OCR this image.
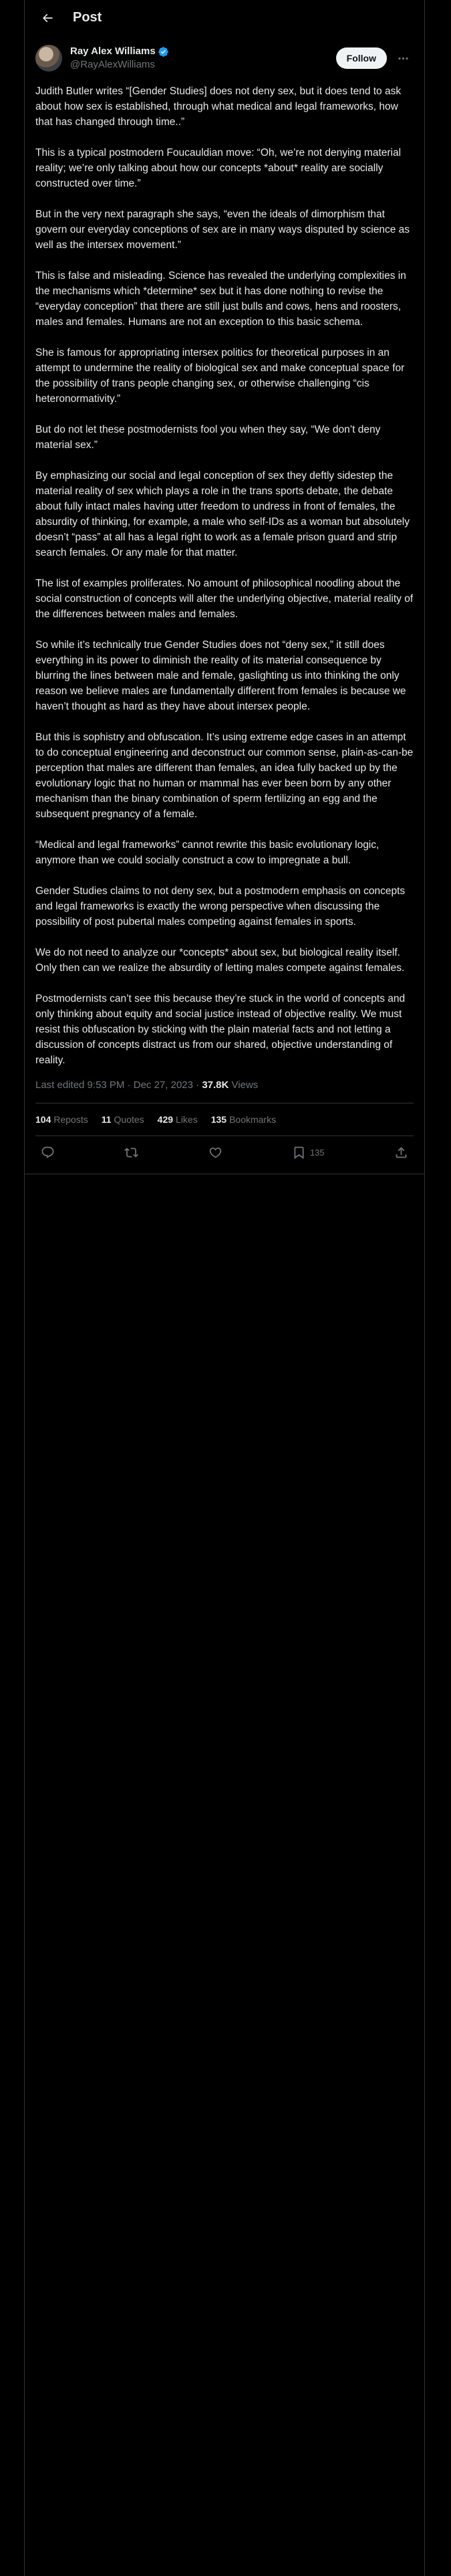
Post
Ray Alex Williams
@RayAlexWilliams
Follow

Judith Butler writes “[Gender Studies] does not deny sex, but it does tend to ask about how sex is established, through what medical and legal frameworks, how that has changed through time..”

This is a typical postmodern Foucauldian move: “Oh, we’re not denying material reality; we’re only talking about how our concepts *about* reality are socially constructed over time.”

But in the very next paragraph she says, “even the ideals of dimorphism that govern our everyday conceptions of sex are in many ways disputed by science as well as the intersex movement.”

This is false and misleading. Science has revealed the underlying complexities in the mechanisms which *determine* sex but it has done nothing to revise the “everyday conception” that there are still just bulls and cows, hens and roosters, males and females. Humans are not an exception to this basic schema.

She is famous for appropriating intersex politics for theoretical purposes in an attempt to undermine the reality of biological sex and make conceptual space for the possibility of trans people changing sex, or otherwise challenging “cis heteronormativity.”

But do not let these postmodernists fool you when they say, “We don’t deny material sex.”

By emphasizing our social and legal conception of sex they deftly sidestep the material reality of sex which plays a role in the trans sports debate, the debate about fully intact males having utter freedom to undress in front of females, the absurdity of thinking, for example, a male who self-IDs as a woman but absolutely doesn’t “pass” at all has a legal right to work as a female prison guard and strip search females. Or any male for that matter.

The list of examples proliferates. No amount of philosophical noodling about the social construction of concepts will alter the underlying objective, material reality of the differences between males and females.

So while it’s technically true Gender Studies does not “deny sex,” it still does everything in its power to diminish the reality of its material consequence by blurring the lines between male and female, gaslighting us into thinking the only reason we believe males are fundamentally different from females is because we haven’t thought as hard as they have about intersex people.

But this is sophistry and obfuscation. It’s using extreme edge cases in an attempt to do conceptual engineering and deconstruct our common sense, plain-as-can-be perception that males are different than females, an idea fully backed up by the evolutionary logic that no human or mammal has ever been born by any other mechanism than the binary combination of sperm fertilizing an egg and the subsequent pregnancy of a female.

“Medical and legal frameworks” cannot rewrite this basic evolutionary logic, anymore than we could socially construct a cow to impregnate a bull.

Gender Studies claims to not deny sex, but a postmodern emphasis on concepts and legal frameworks is exactly the wrong perspective when discussing the possibility of post pubertal males competing against females in sports.

We do not need to analyze our *concepts* about sex, but biological reality itself. Only then can we realize the absurdity of letting males compete against females.

Postmodernists can’t see this because they’re stuck in the world of concepts and only thinking about equity and social justice instead of objective reality. We must resist this obfuscation by sticking with the plain material facts and not letting a discussion of concepts distract us from our shared, objective understanding of reality.

Last edited 9:53 PM · Dec 27, 2023 · 37.8K Views
104 Reposts 11 Quotes 429 Likes 135 Bookmarks
135
